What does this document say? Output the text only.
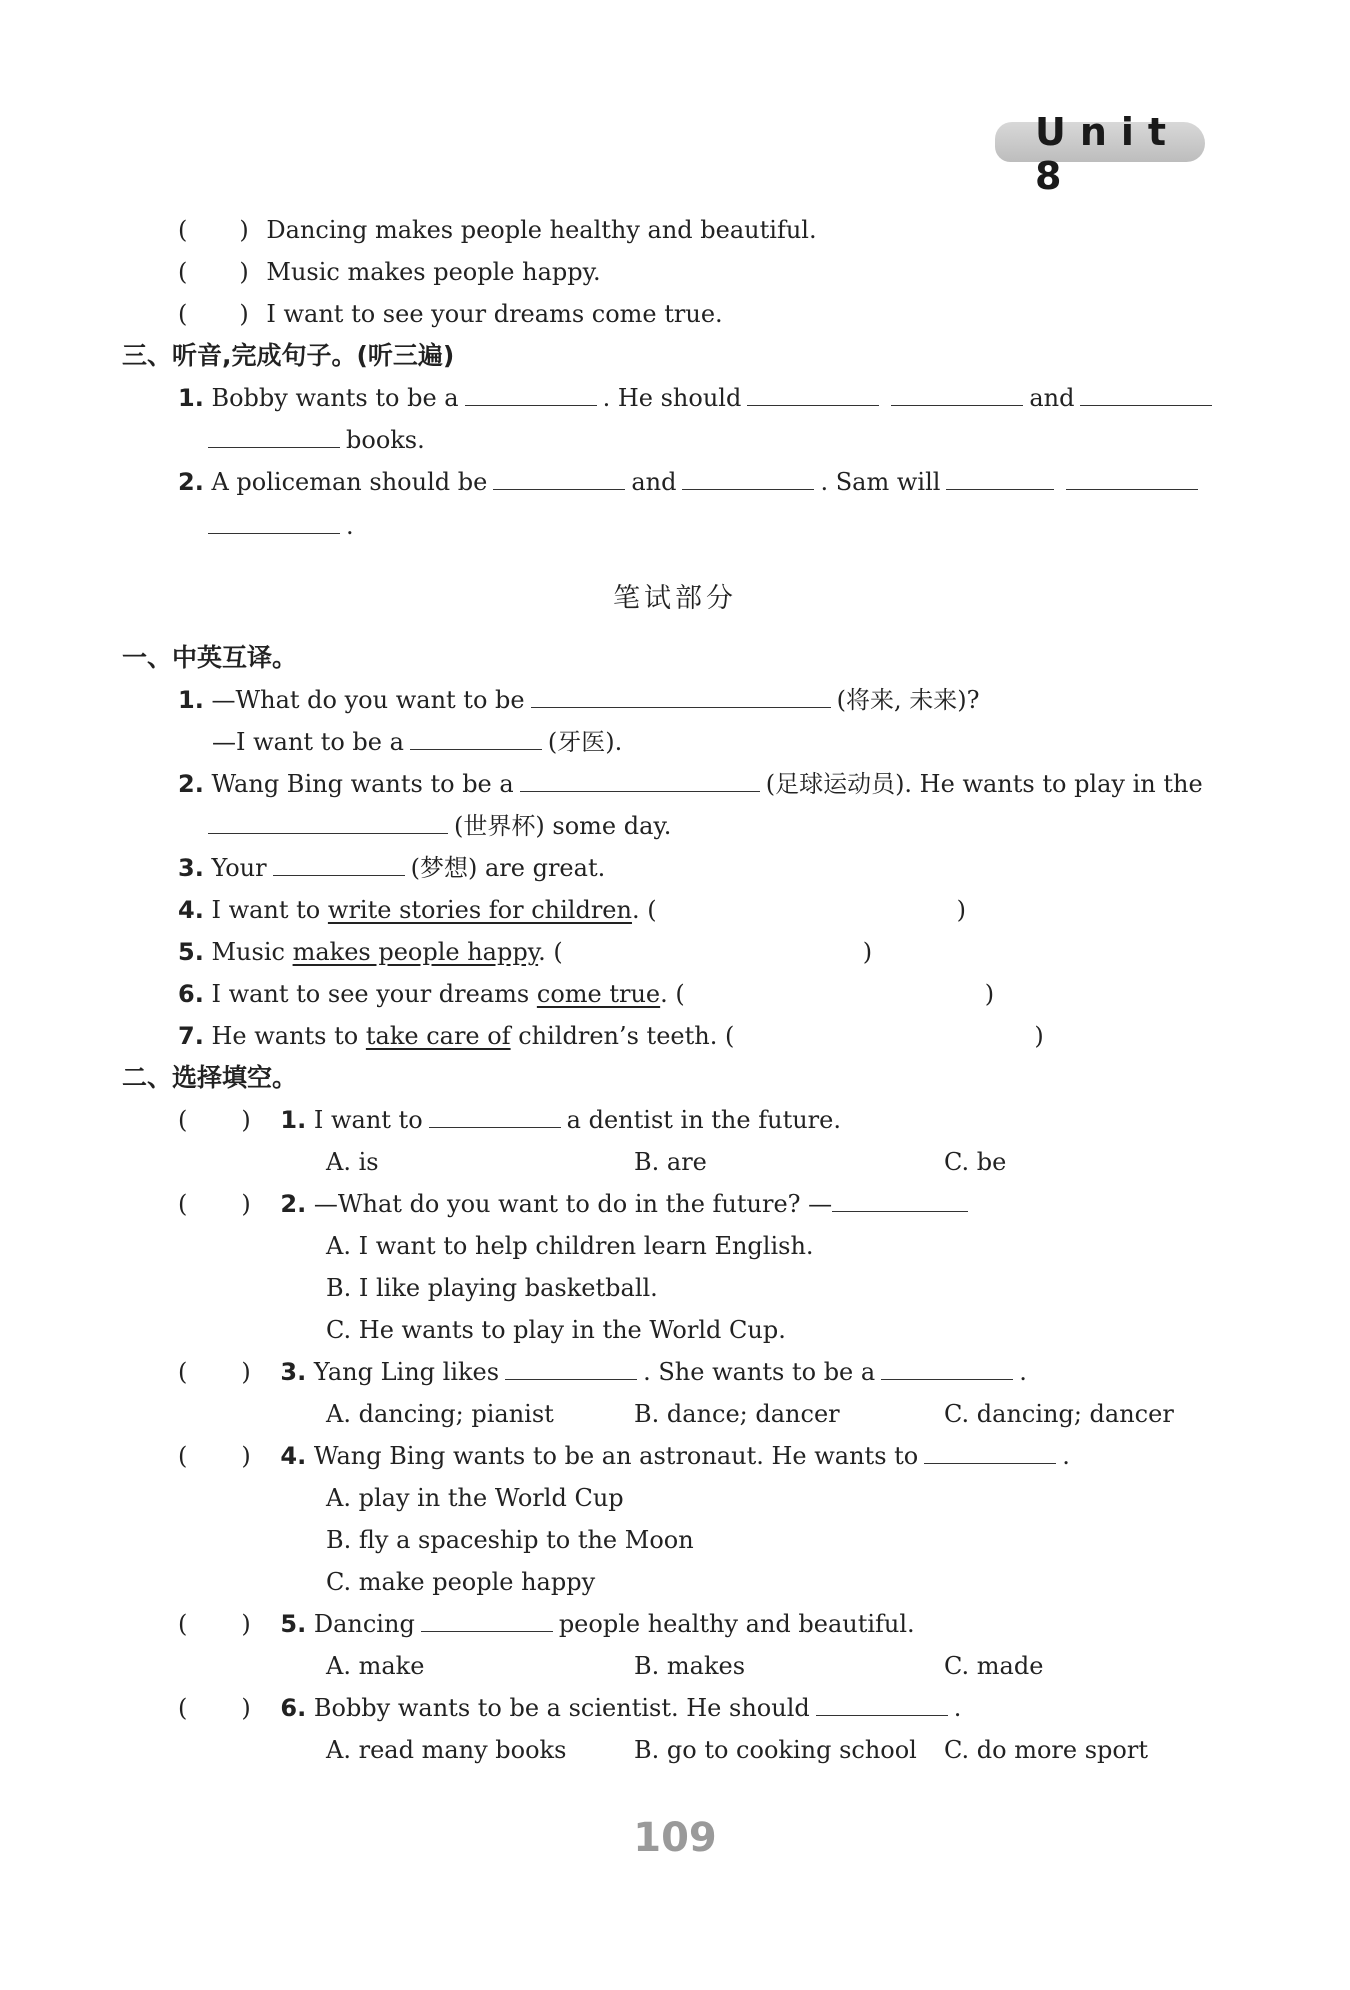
Unit 8
( ) Dancing makes people healthy and beautiful.
( ) Music makes people happy.
( ) I want to see your dreams come true.
三、听音,完成句子。(听三遍)
1. Bobby wants to be a	. He should	and
books.
2. A policeman should be	and	. Sam will
.
笔试部分
一、中英互译。
1. —What do you want to be	(将来, 未来)?
—I want to be a	(牙医).
2. Wang Bing wants to be a	(足球运动员). He wants to play in the
(世界杯) some day.
3. Your	(梦想) are great.
4. I want to write stories for children. (	)
5. Music makes people happy. (	)
6. I want to see your dreams come true. (	)
7. He wants to take care of children’s teeth. (	)
二、选择填空。
( ) 1. I want to	a dentist in the future.
A. is	B. are	C. be
( ) 2. —What do you want to do in the future? —
A. I want to help children learn English.
B. I like playing basketball.
C. He wants to play in the World Cup.
( ) 3. Yang Ling likes	. She wants to be a	.
A. dancing; pianist	B. dance; dancer	C. dancing; dancer
( ) 4. Wang Bing wants to be an astronaut. He wants to	.
A. play in the World Cup
B. fly a spaceship to the Moon
C. make people happy
( ) 5. Dancing	people healthy and beautiful.
A. make	B. makes	C. made
( ) 6. Bobby wants to be a scientist. He should	.
A. read many books	B. go to cooking school C. do more sport
109
